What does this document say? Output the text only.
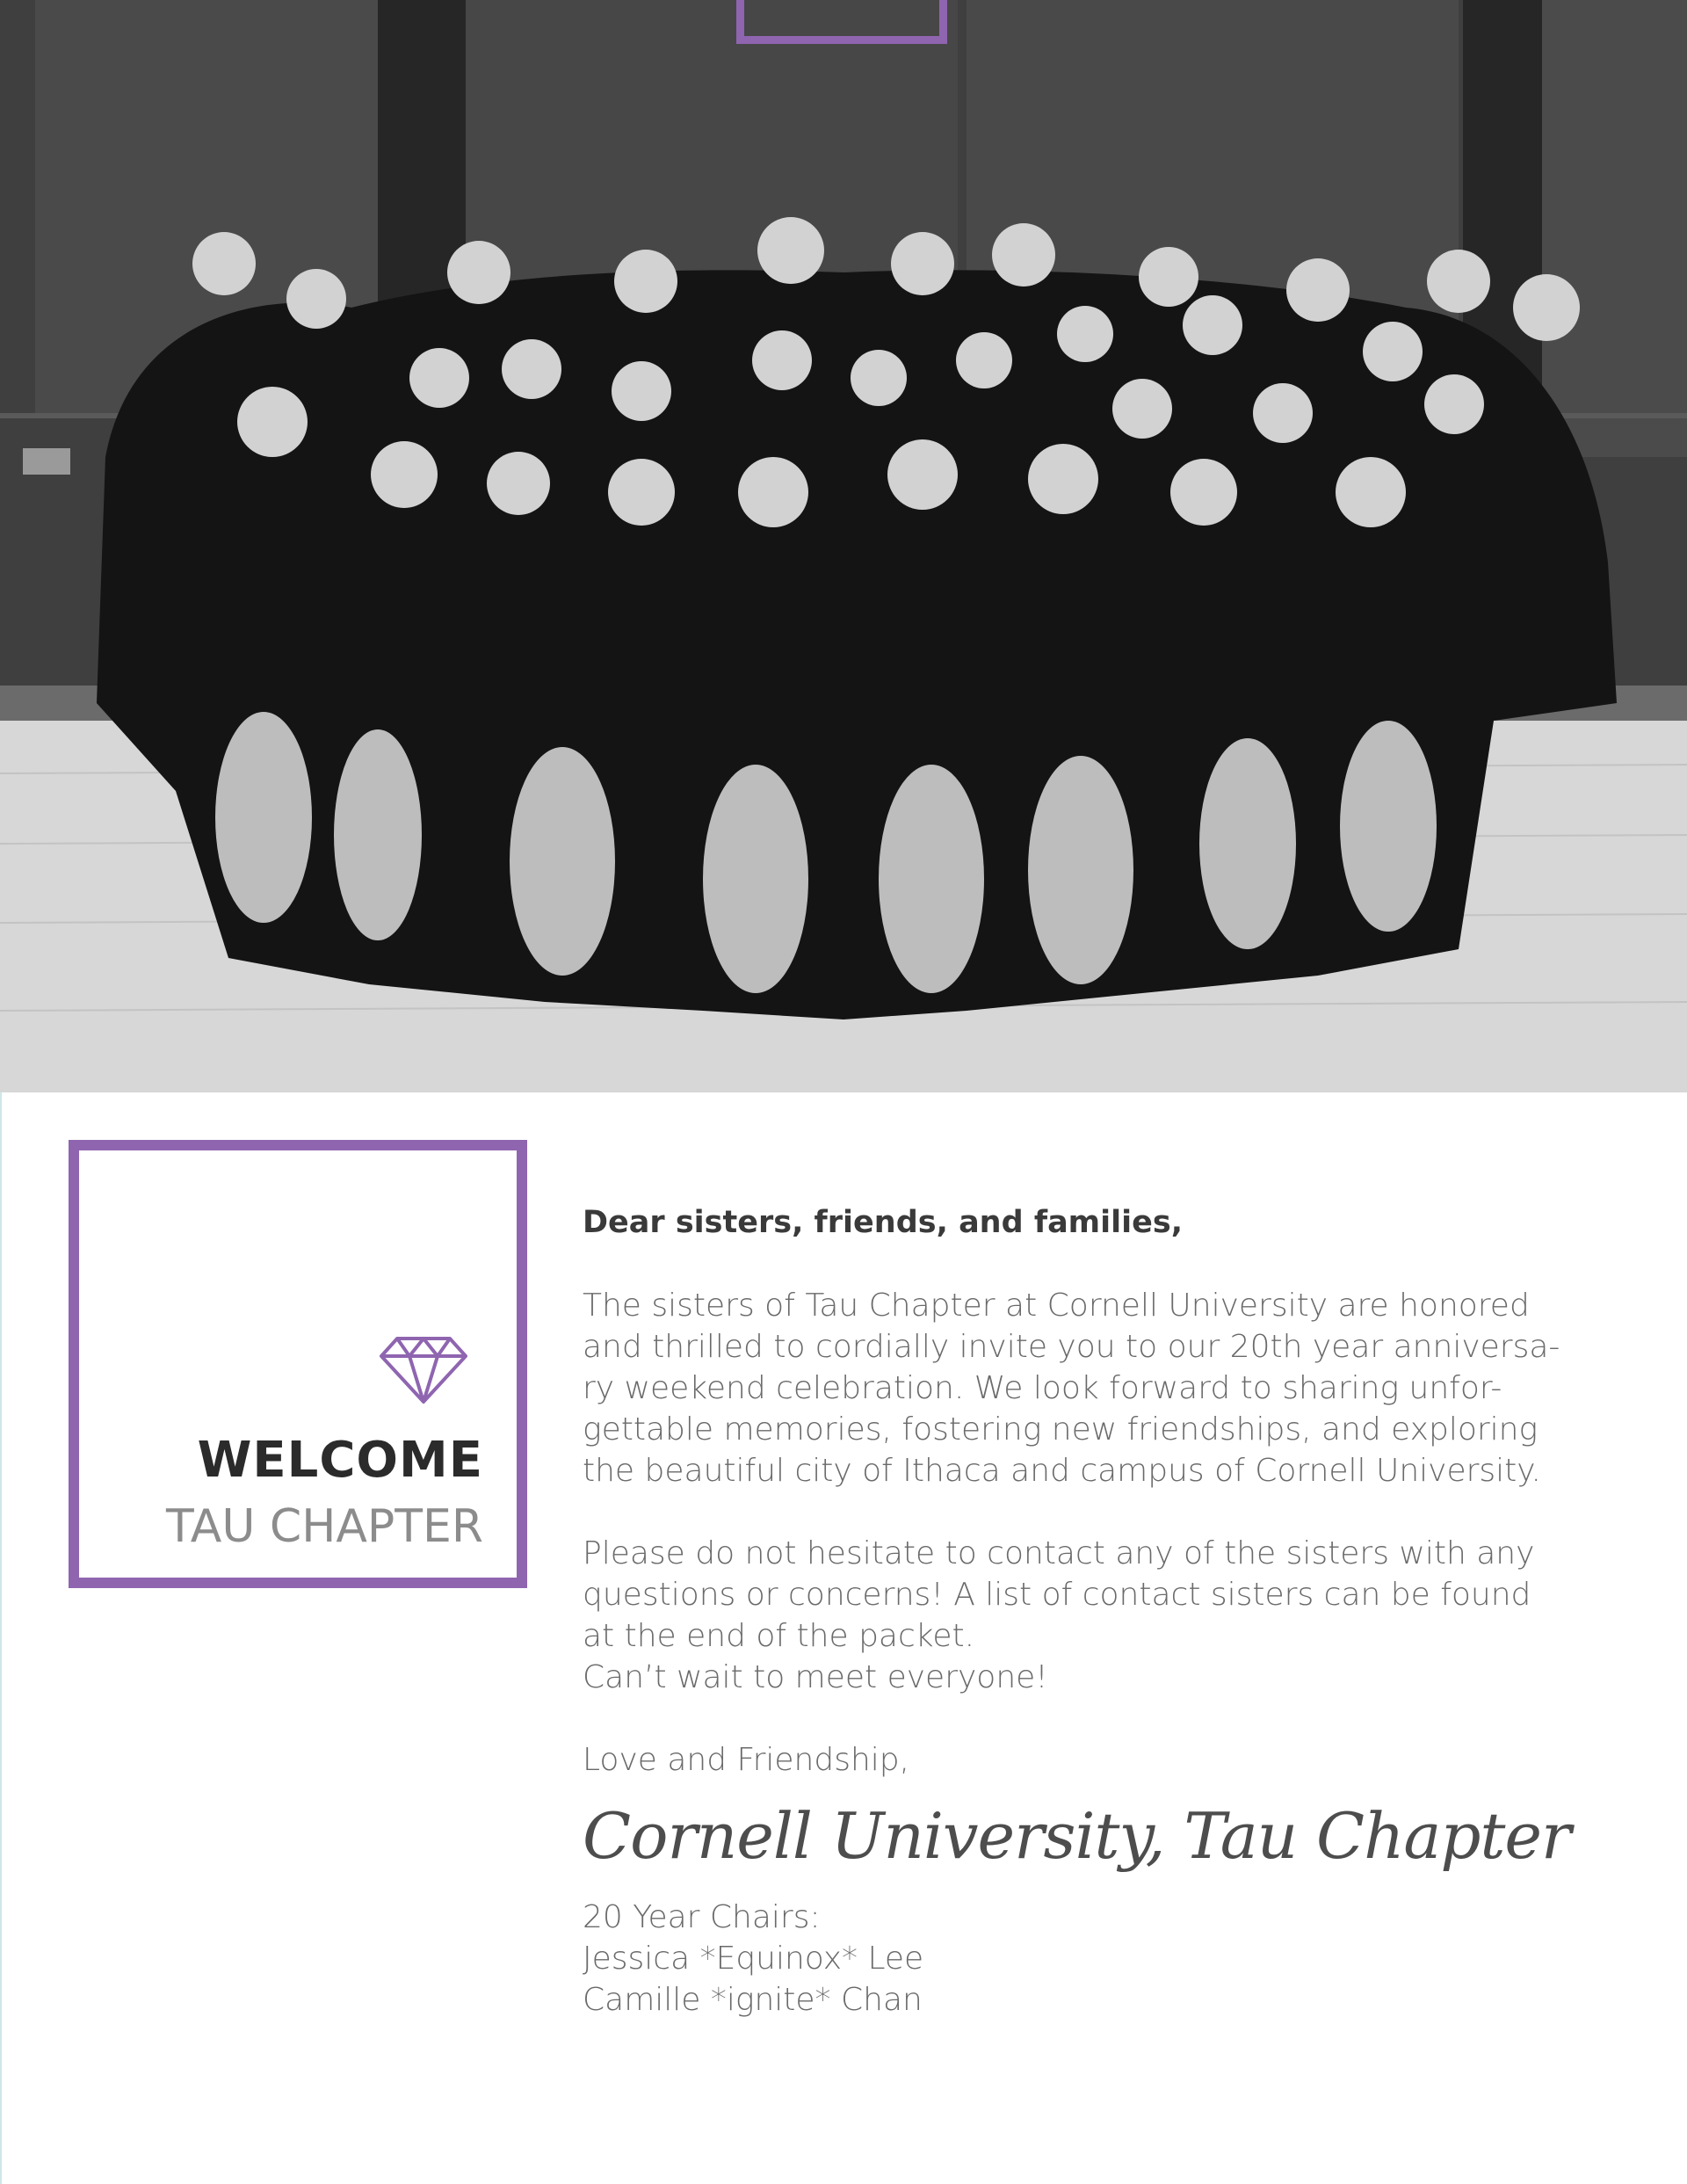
WELCOME
TAU CHAPTER
Dear sisters, friends, and families,
The sisters of Tau Chapter at Cornell University are honored
and thrilled to cordially invite you to our 20th year anniversa-
ry weekend celebration. We look forward to sharing unfor-
gettable memories, fostering new friendships, and exploring
the beautiful city of Ithaca and campus of Cornell University.
Please do not hesitate to contact any of the sisters with any
questions or concerns! A list of contact sisters can be found
at the end of the packet.
Can’t wait to meet everyone!
Love and Friendship,
Cornell University, Tau Chapter
20 Year Chairs:
Jessica *Equinox* Lee
Camille *ignite* Chan
